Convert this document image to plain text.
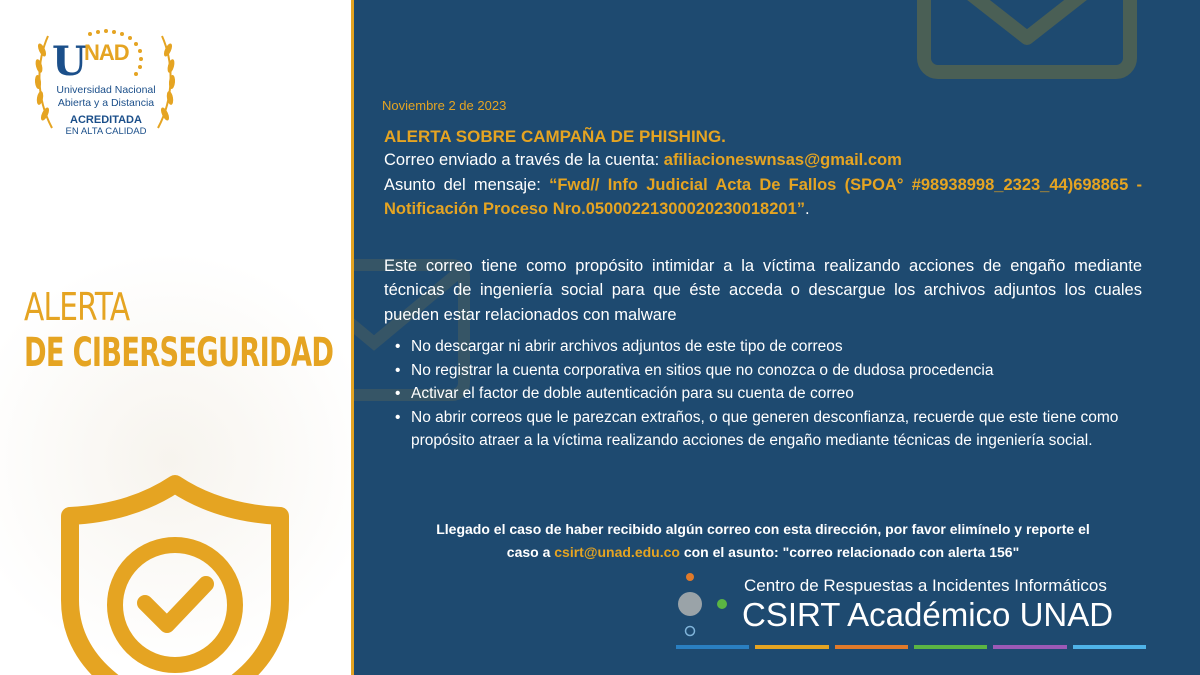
U
NAD
Universidad Nacional
Abierta y a Distancia
ACREDITADA
EN ALTA CALIDAD
ALERTA
DE CIBERSEGURIDAD
Noviembre 2 de 2023
ALERTA SOBRE CAMPAÑA DE PHISHING.

Correo enviado a través de la cuenta: afiliacioneswnsas@gmail.com

Asunto del mensaje: “Fwd// Info Judicial Acta De Fallos (SPOA° #98938998_2323_44)698865 - Notificación Proceso Nro.05000221300020230018201”.

Este correo tiene como propósito intimidar a la víctima realizando acciones de engaño mediante técnicas de ingeniería social para que éste acceda o descargue los archivos adjuntos los cuales pueden estar relacionados con malware

• No descargar ni abrir archivos adjuntos de este tipo de correos
• No registrar la cuenta corporativa en sitios que no conozca o de dudosa procedencia
• Activar el factor de doble autenticación para su cuenta de correo
• No abrir correos que le parezcan extraños, o que generen desconfianza, recuerde que este tiene como propósito atraer a la víctima realizando acciones de engaño mediante técnicas de ingeniería social.
Llegado el caso de haber recibido algún correo con esta dirección, por favor elimínelo y reporte el
caso a csirt@unad.edu.co con el asunto: "correo relacionado con alerta 156"
Centro de Respuestas a Incidentes Informáticos
CSIRT Académico UNAD
